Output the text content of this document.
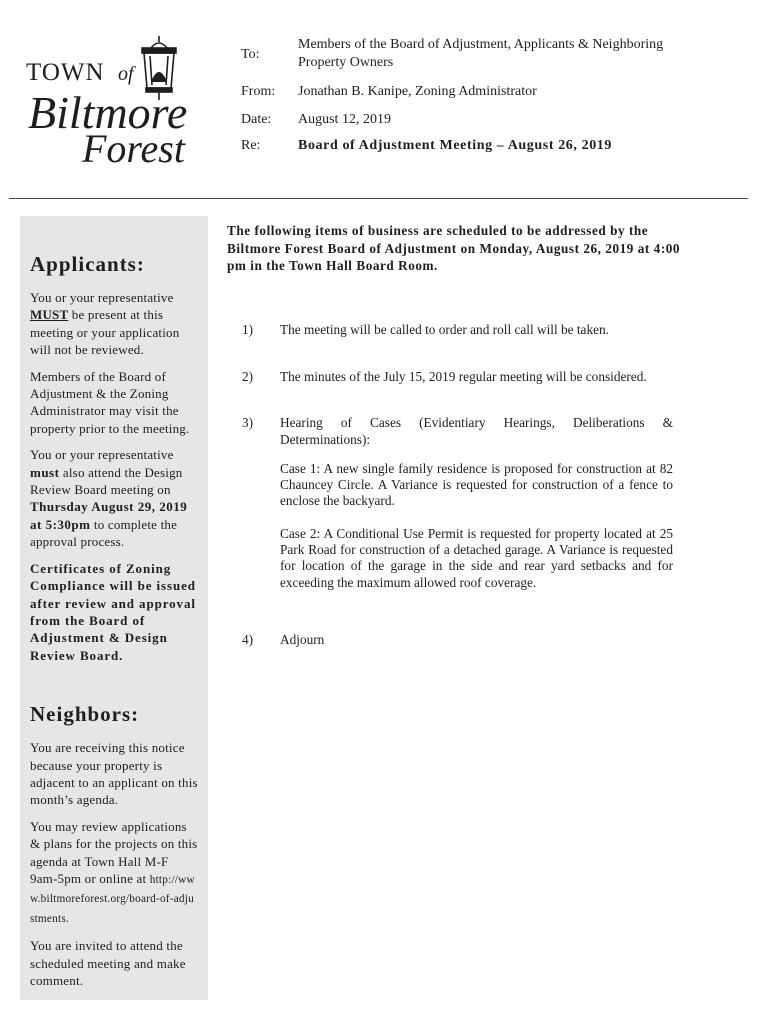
TOWN of
Biltmore
Forest
To:
Members of the Board of Adjustment, Applicants & Neighboring Property Owners
From: Jonathan B. Kanipe, Zoning Administrator
Date: August 12, 2019
Re:	Board of Adjustment Meeting – August 26, 2019
Applicants:

You or your representative MUST be present at this meeting or your application will not be reviewed.

Members of the Board of Adjustment & the Zoning Administrator may visit the property prior to the meeting.

You or your representative must also attend the Design Review Board meeting on Thursday August 29, 2019 at 5:30pm to complete the approval process.

Certificates of Zoning Compliance will be issued after review and approval from the Board of Adjustment & Design Review Board.

Neighbors:

You are receiving this notice because your property is adjacent to an applicant on this month’s agenda.

You may review applications & plans for the projects on this agenda at Town Hall M-F 9am-5pm or online at http://www.biltmoreforest.org/board-of-adjustments.

You are invited to attend the scheduled meeting and make comment.

The following items of business are scheduled to be addressed by the Biltmore Forest Board of Adjustment on Monday, August 26, 2019 at 4:00 pm in the Town Hall Board Room.

1) The meeting will be called to order and roll call will be taken.
2) The minutes of the July 15, 2019 regular meeting will be considered.
3) Hearing of Cases (Evidentiary Hearings, Deliberations & Determinations):
Case 1: A new single family residence is proposed for construction at 82 Chauncey Circle. A Variance is requested for construction of a fence to enclose the backyard.
Case 2: A Conditional Use Permit is requested for property located at 25 Park Road for construction of a detached garage. A Variance is requested for location of the garage in the side and rear yard setbacks and for exceeding the maximum allowed roof coverage.
4) Adjourn
